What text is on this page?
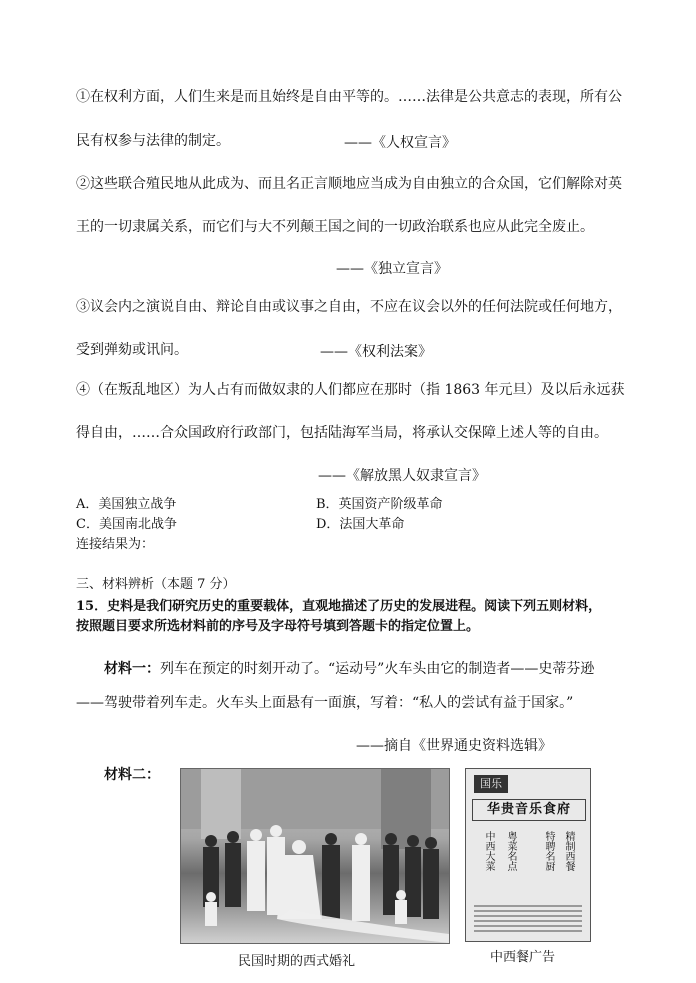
①在权利方面，人们生来是而且始终是自由平等的。……法律是公共意志的表现，所有公
民有权参与法律的制定。	——《人权宣言》
②这些联合殖民地从此成为、而且名正言顺地应当成为自由独立的合众国，它们解除对英
王的一切隶属关系，而它们与大不列颠王国之间的一切政治联系也应从此完全废止。
——《独立宣言》
③议会内之演说自由、辩论自由或议事之自由，不应在议会以外的任何法院或任何地方，
受到弹劾或讯问。	——《权利法案》
④（在叛乱地区）为人占有而做奴隶的人们都应在那时（指 1863 年元旦）及以后永远获
得自由，……合众国政府行政部门，包括陆海军当局，将承认交保障上述人等的自由。
——《解放黑人奴隶宣言》
A．美国独立战争	B．英国资产阶级革命
C．美国南北战争	D．法国大革命
连接结果为：
三、材料辨析（本题 7 分）
15．史料是我们研究历史的重要载体，直观地描述了历史的发展进程。阅读下列五则材料，
按照题目要求所选材料前的序号及字母符号填到答题卡的指定位置上。
材料一： 列车在预定的时刻开动了。“运动号”火车头由它的制造者——史蒂芬逊
——驾驶带着列车走。火车头上面悬有一面旗，写着：“私人的尝试有益于国家。”
——摘自《世界通史资料选辑》
材料二：
民国时期的西式婚礼
国乐
华贵音乐食府
中西大菜 粤菜名点	特聘名厨 精制西餐
中西餐广告
